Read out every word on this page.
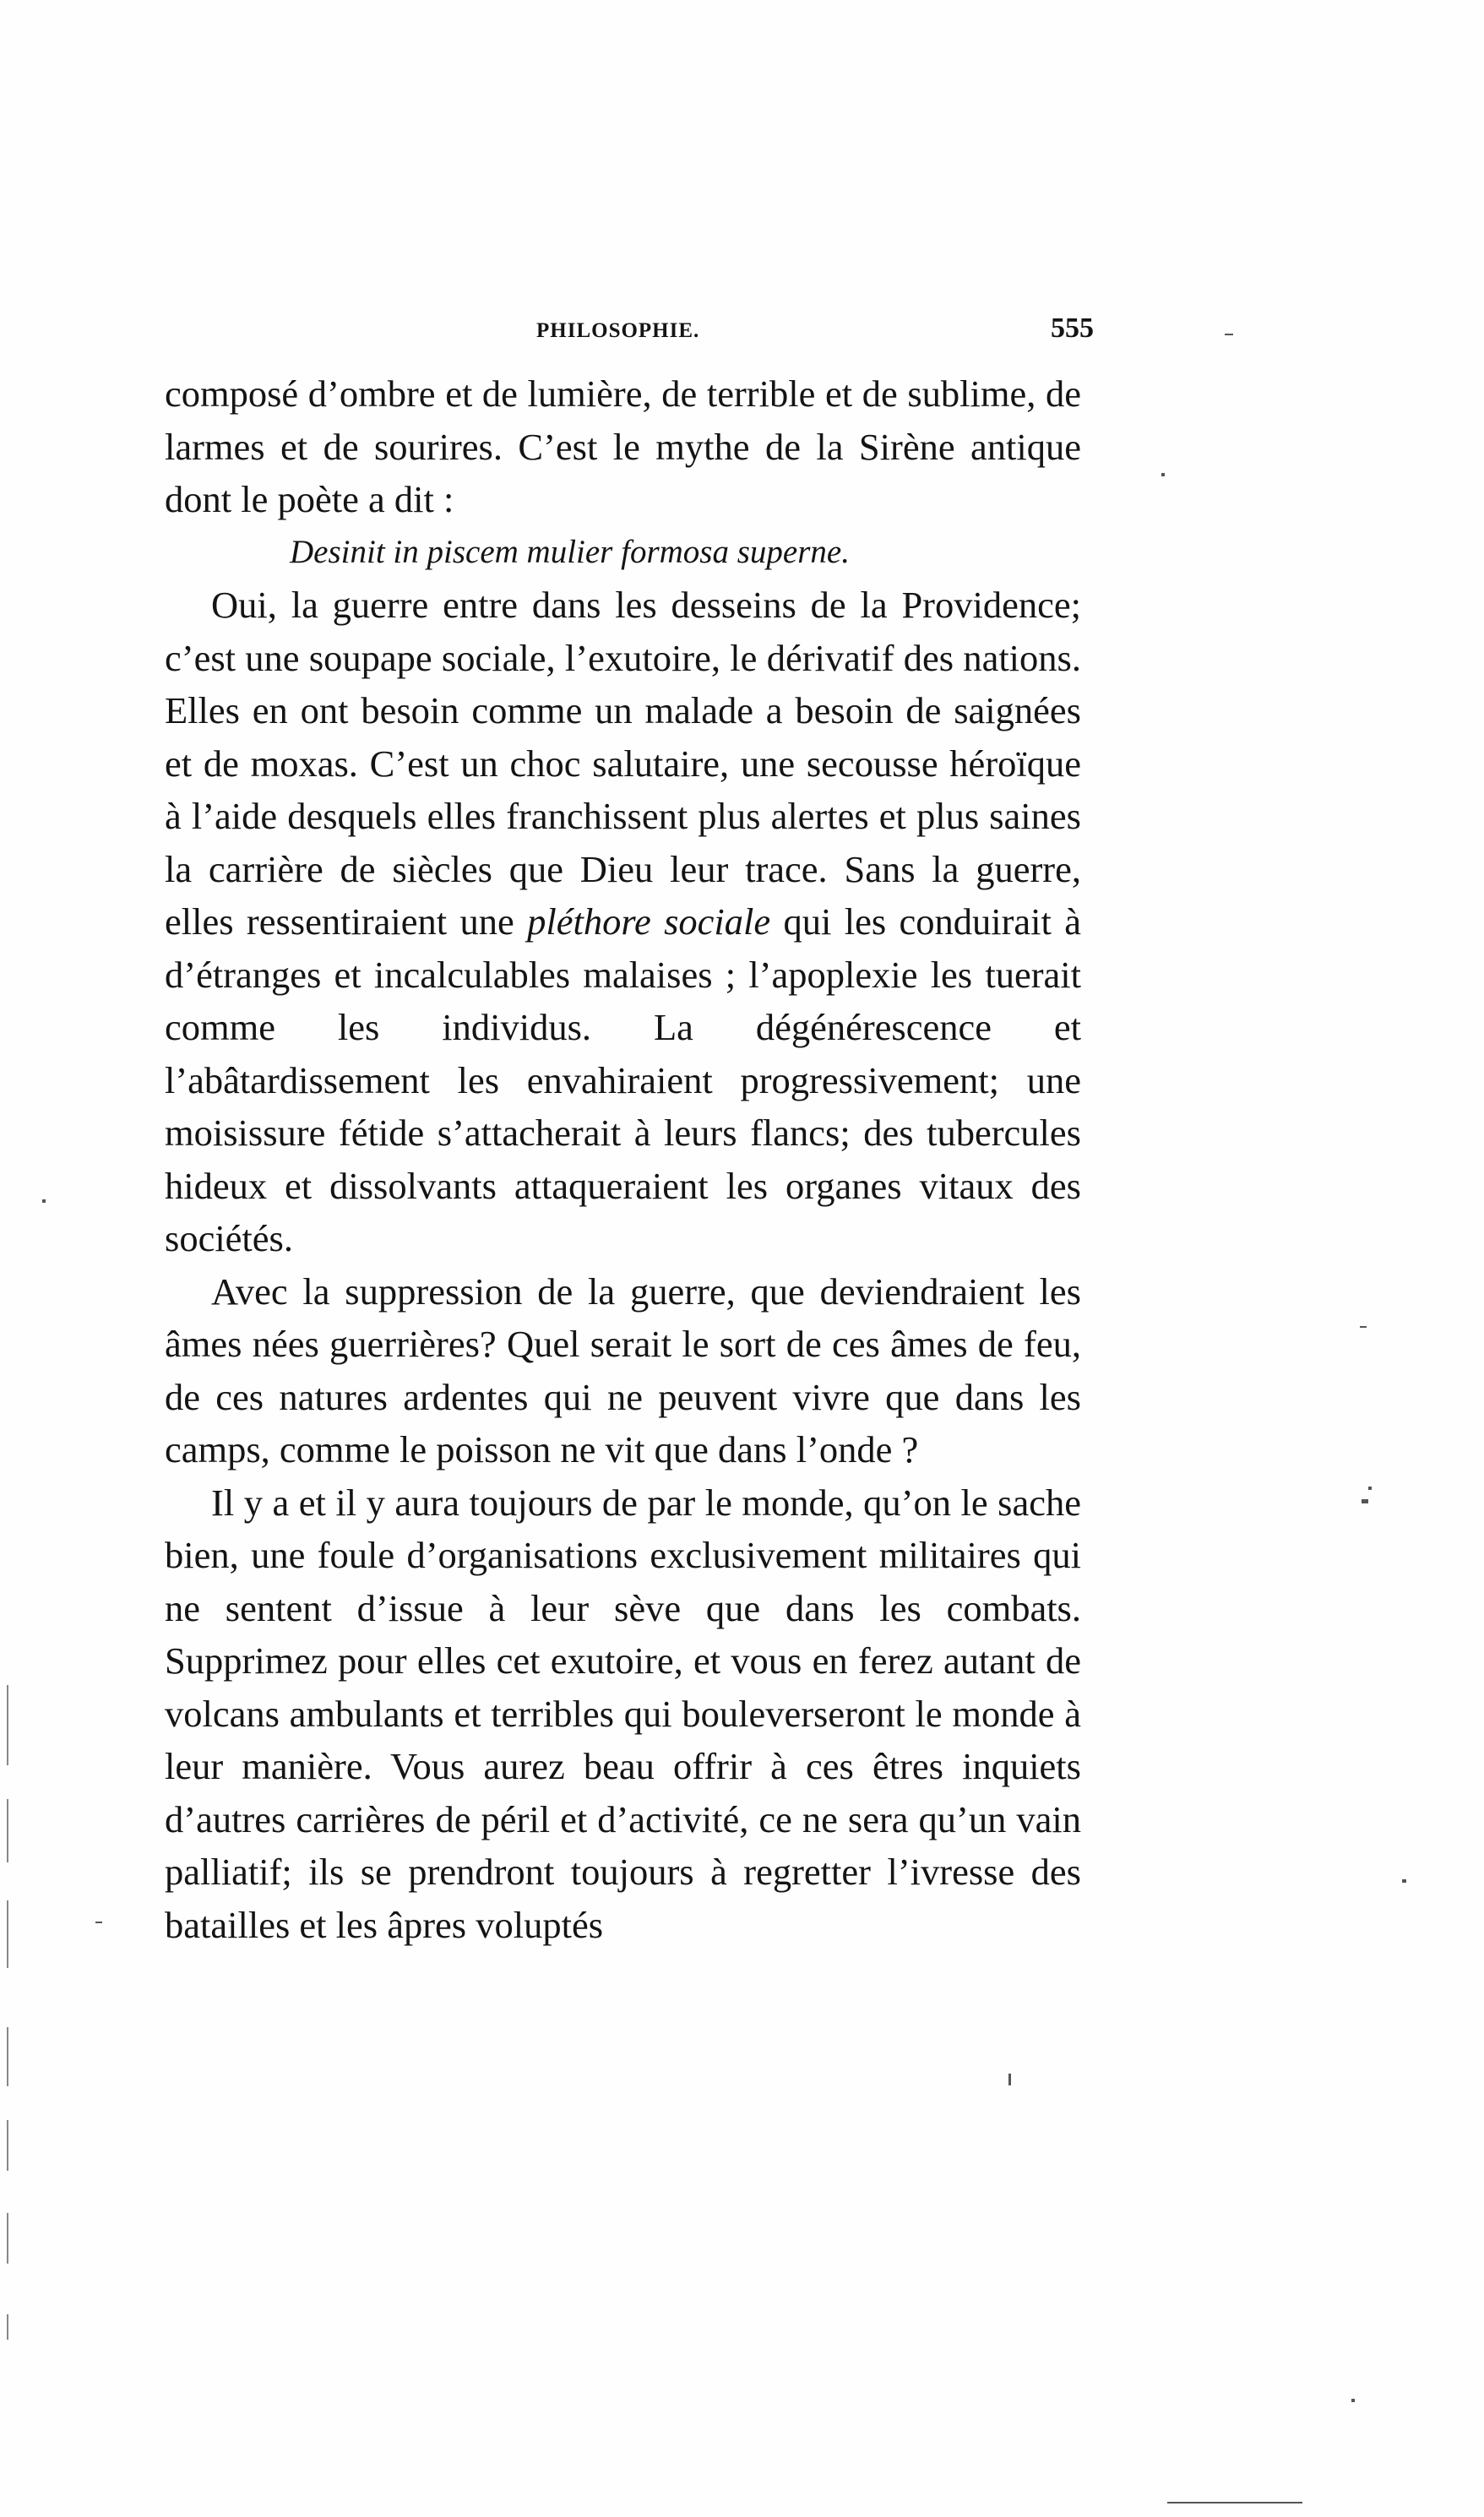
PHILOSOPHIE.	555

composé d’ombre et de lumière, de terrible et de sublime, de larmes et de sourires. C’est le mythe de la Sirène antique dont le poète a dit :

Desinit in piscem mulier formosa superne.

Oui, la guerre entre dans les desseins de la Providence; c’est une soupape sociale, l’exutoire, le dérivatif des nations. Elles en ont besoin comme un malade a besoin de saignées et de moxas. C’est un choc salutaire, une secousse héroïque à l’aide desquels elles franchissent plus alertes et plus saines la carrière de siècles que Dieu leur trace. Sans la guerre, elles ressentiraient une pléthore sociale qui les conduirait à d’étranges et incalculables malaises ; l’apoplexie les tuerait comme les individus. La dégénérescence et l’abâtardissement les envahiraient progressivement; une moisissure fétide s’attacherait à leurs flancs; des tubercules hideux et dissolvants attaqueraient les organes vitaux des sociétés.

Avec la suppression de la guerre, que deviendraient les âmes nées guerrières? Quel serait le sort de ces âmes de feu, de ces natures ardentes qui ne peuvent vivre que dans les camps, comme le poisson ne vit que dans l’onde ?

Il y a et il y aura toujours de par le monde, qu’on le sache bien, une foule d’organisations exclusivement militaires qui ne sentent d’issue à leur sève que dans les combats. Supprimez pour elles cet exutoire, et vous en ferez autant de volcans ambulants et terribles qui bouleverseront le monde à leur manière. Vous aurez beau offrir à ces êtres inquiets d’autres carrières de péril et d’activité, ce ne sera qu’un vain palliatif; ils se prendront toujours à regretter l’ivresse des batailles et les âpres voluptés
